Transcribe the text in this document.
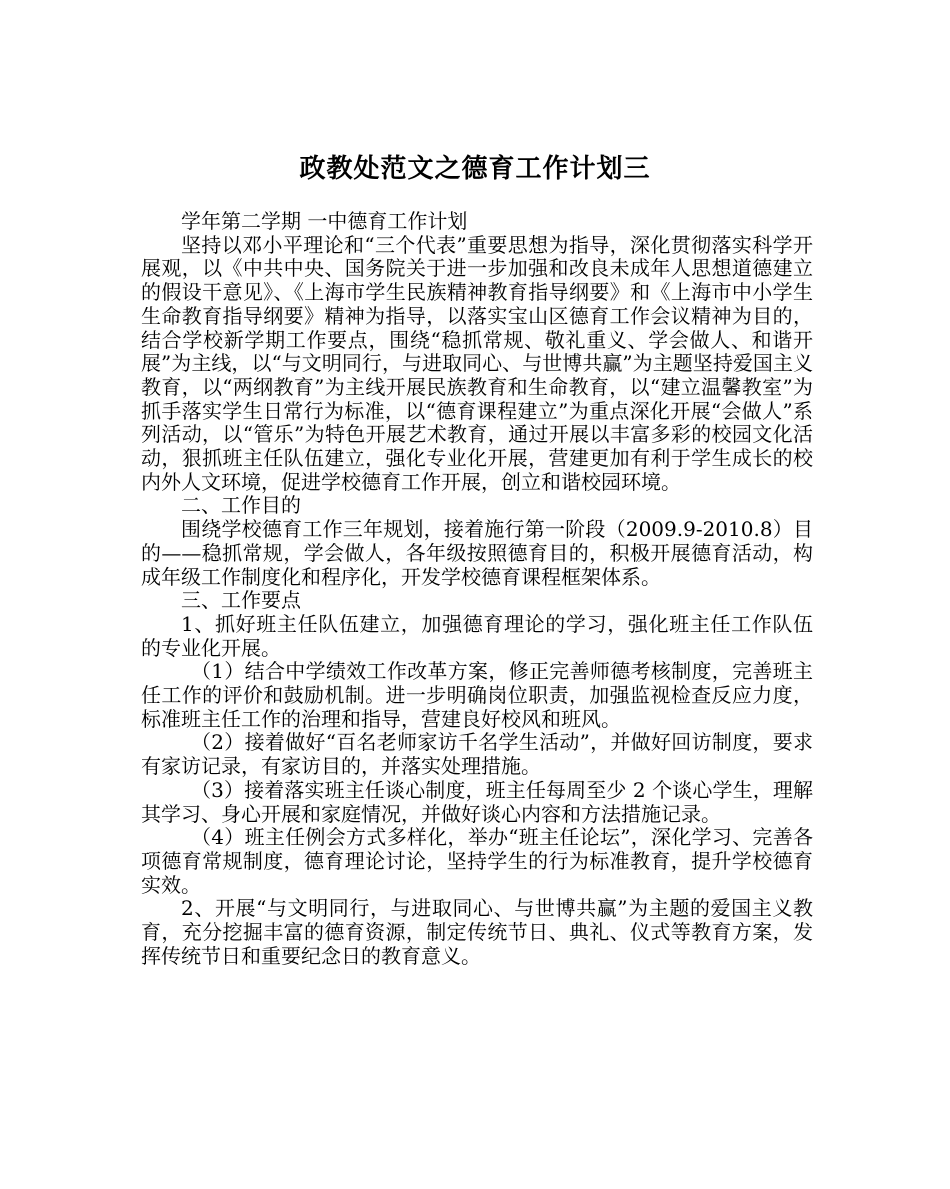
政教处范文之德育工作计划三

学年第二学期 一中德育工作计划

坚持以邓小平理论和“三个代表”重要思想为指导，深化贯彻落实科学开展观，以《中共中央、国务院关于进一步加强和改良未成年人思想道德建立的假设干意见》、《上海市学生民族精神教育指导纲要》和《上海市中小学生生命教育指导纲要》精神为指导，以落实宝山区德育工作会议精神为目的，结合学校新学期工作要点，围绕“稳抓常规、敬礼重义、学会做人、和谐开展”为主线，以“与文明同行，与进取同心、与世博共赢”为主题坚持爱国主义教育，以“两纲教育”为主线开展民族教育和生命教育，以“建立温馨教室”为抓手落实学生日常行为标准，以“德育课程建立”为重点深化开展“会做人”系列活动，以“管乐”为特色开展艺术教育，通过开展以丰富多彩的校园文化活动，狠抓班主任队伍建立，强化专业化开展，营建更加有利于学生成长的校内外人文环境，促进学校德育工作开展，创立和谐校园环境。

二、工作目的

围绕学校德育工作三年规划，接着施行第一阶段（2009.9-2010.8）目的——稳抓常规，学会做人，各年级按照德育目的，积极开展德育活动，构成年级工作制度化和程序化，开发学校德育课程框架体系。

三、工作要点

1、抓好班主任队伍建立，加强德育理论的学习，强化班主任工作队伍的专业化开展。

（1）结合中学绩效工作改革方案，修正完善师德考核制度，完善班主任工作的评价和鼓励机制。进一步明确岗位职责，加强监视检查反应力度，标准班主任工作的治理和指导，营建良好校风和班风。

（2）接着做好“百名老师家访千名学生活动”，并做好回访制度，要求有家访记录，有家访目的，并落实处理措施。

（3）接着落实班主任谈心制度，班主任每周至少 2 个谈心学生，理解其学习、身心开展和家庭情况，并做好谈心内容和方法措施记录。

（4）班主任例会方式多样化，举办“班主任论坛”，深化学习、完善各项德育常规制度，德育理论讨论，坚持学生的行为标准教育，提升学校德育实效。

2、开展“与文明同行，与进取同心、与世博共赢”为主题的爱国主义教育，充分挖掘丰富的德育资源，制定传统节日、典礼、仪式等教育方案，发挥传统节日和重要纪念日的教育意义。
